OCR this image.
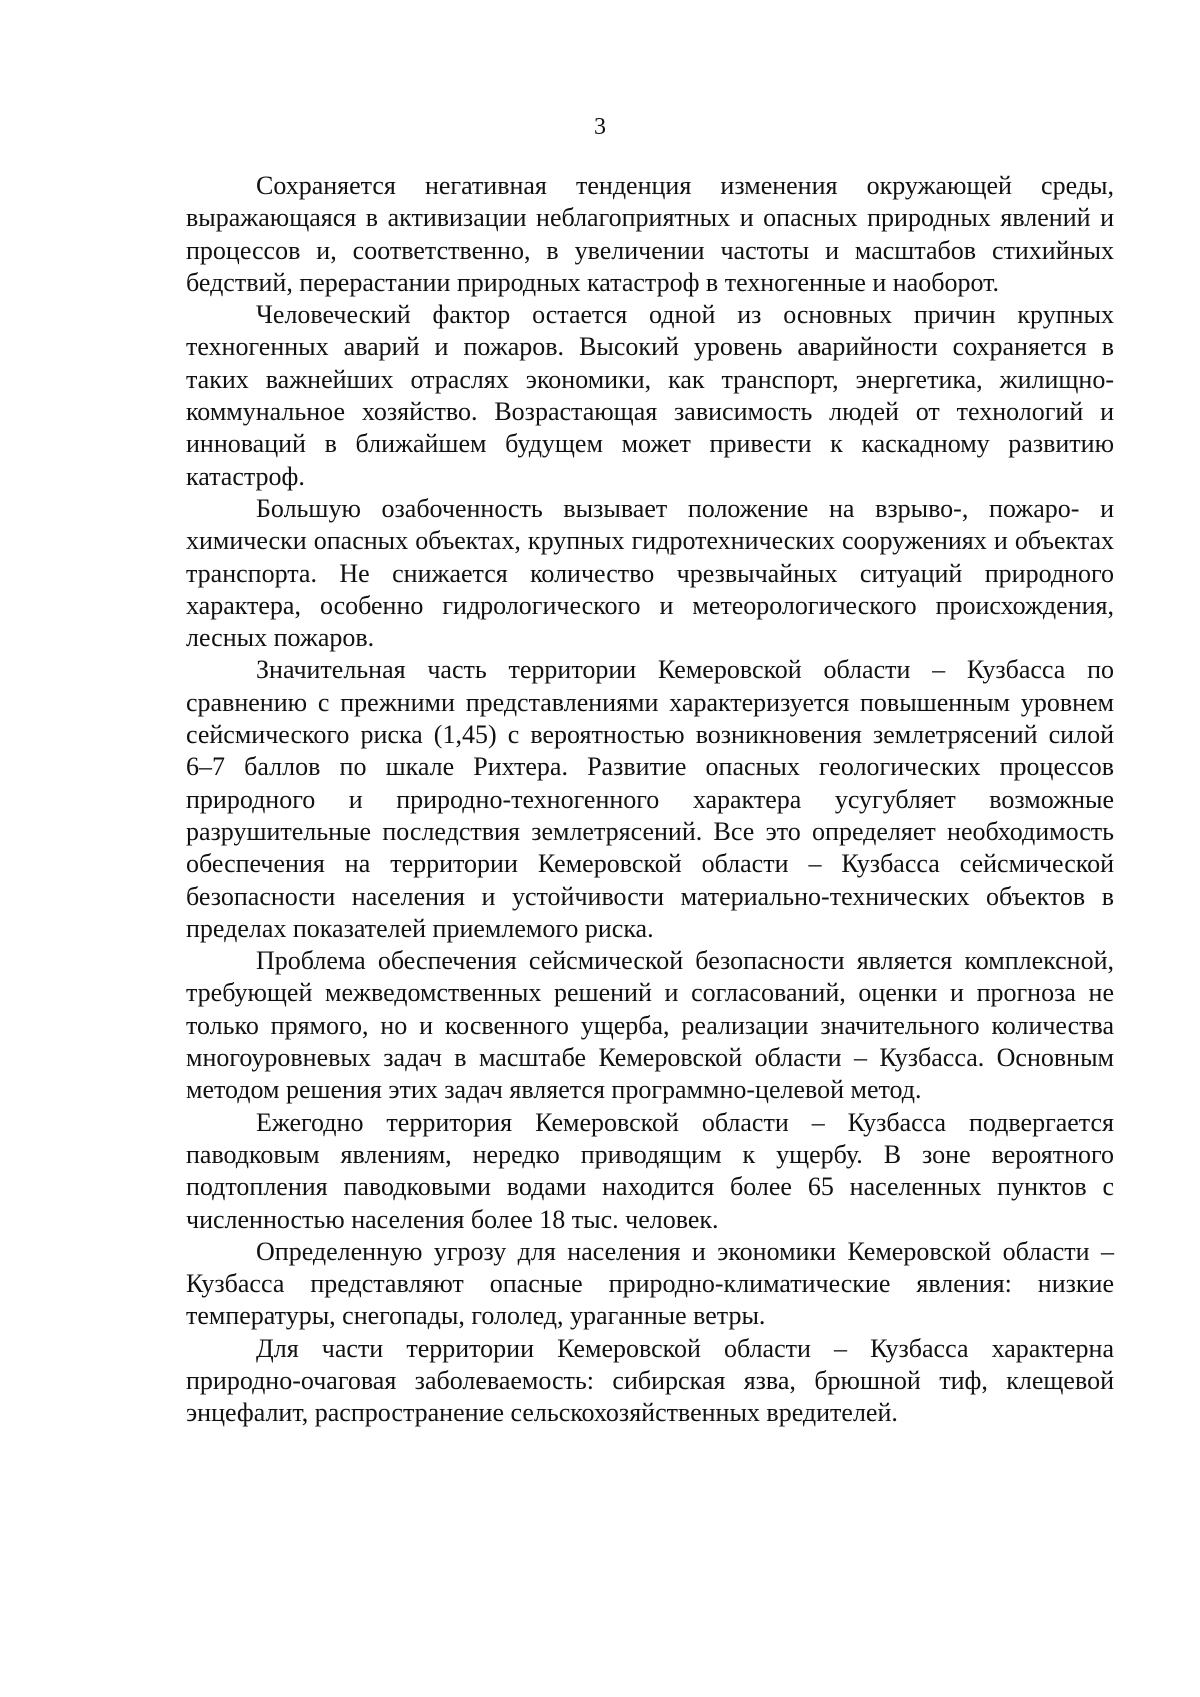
3

Сохраняется негативная тенденция изменения окружающей среды, выражающаяся в активизации неблагоприятных и опасных природных явлений и процессов и, соответственно, в увеличении частоты и масштабов стихийных бедствий, перерастании природных катастроф в техногенные и наоборот.

Человеческий фактор остается одной из основных причин крупных техногенных аварий и пожаров. Высокий уровень аварийности сохраняется в таких важнейших отраслях экономики, как транспорт, энергетика, жилищно-коммунальное хозяйство. Возрастающая зависимость людей от технологий и инноваций в ближайшем будущем может привести к каскадному развитию катастроф.

Большую озабоченность вызывает положение на взрыво-, пожаро- и химически опасных объектах, крупных гидротехнических сооружениях и объектах транспорта. Не снижается количество чрезвычайных ситуаций природного характера, особенно гидрологического и метеорологического происхождения, лесных пожаров.

Значительная часть территории Кемеровской области – Кузбасса по сравнению с прежними представлениями характеризуется повышенным уровнем сейсмического риска (1,45) с вероятностью возникновения землетрясений силой 6–7 баллов по шкале Рихтера. Развитие опасных геологических процессов природного и природно-техногенного характера усугубляет возможные разрушительные последствия землетрясений. Все это определяет необходимость обеспечения на территории Кемеровской области – Кузбасса сейсмической безопасности населения и устойчивости материально-технических объектов в пределах показателей приемлемого риска.

Проблема обеспечения сейсмической безопасности является комплексной, требующей межведомственных решений и согласований, оценки и прогноза не только прямого, но и косвенного ущерба, реализации значительного количества многоуровневых задач в масштабе Кемеровской области – Кузбасса. Основным методом решения этих задач является программно-целевой метод.

Ежегодно территория Кемеровской области – Кузбасса подвергается паводковым явлениям, нередко приводящим к ущербу. В зоне вероятного подтопления паводковыми водами находится более 65 населенных пунктов с численностью населения более 18 тыс. человек.

Определенную угрозу для населения и экономики Кемеровской области – Кузбасса представляют опасные природно-климатические явления: низкие температуры, снегопады, гололед, ураганные ветры.

Для части территории Кемеровской области – Кузбасса характерна природно-очаговая заболеваемость: сибирская язва, брюшной тиф, клещевой энцефалит, распространение сельскохозяйственных вредителей.
